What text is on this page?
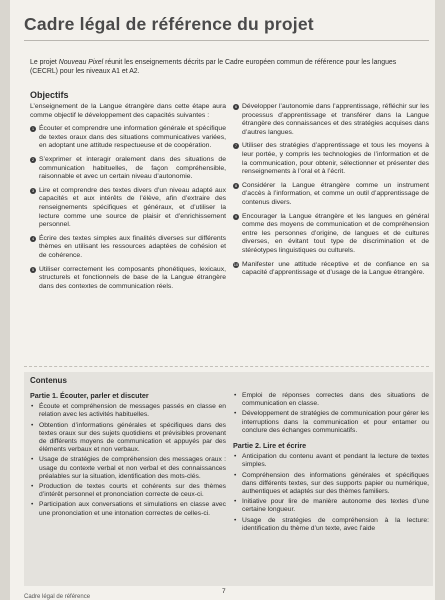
Cadre légal de référence du projet
Le projet Nouveau Pixel réunit les enseignements décrits par le Cadre européen commun de référence pour les langues (CECRL) pour les niveaux A1 et A2.
Objectifs

L’enseignement de la Langue étrangère dans cette étape aura comme objectif le développement des capacités suivantes :

1 Écouter et comprendre une information générale et spécifique de textes oraux dans des situations communicatives variées, en adoptant une attitude respectueuse et de coopération.
2 S’exprimer et interagir oralement dans des situations de communication habituelles, de façon compréhensible, raisonnable et avec un certain niveau d’autonomie.
3 Lire et comprendre des textes divers d’un niveau adapté aux capacités et aux intérêts de l’élève, afin d’extraire des renseignements spécifiques et généraux, et d’utiliser la lecture comme une source de plaisir et d’enrichissement personnel.
4 Écrire des textes simples aux finalités diverses sur différents thèmes en utilisant les ressources adaptées de cohésion et de cohérence.
5 Utiliser correctement les composants phonétiques, lexicaux, structurels et fonctionnels de base de la Langue étrangère dans des contextes de communication réels.
6 Développer l’autonomie dans l’apprentissage, réfléchir sur les processus d’apprentissage et transférer dans la Langue étrangère des connaissances et des stratégies acquises dans d’autres langues.
7 Utiliser des stratégies d’apprentissage et tous les moyens à leur portée, y compris les technologies de l’information et de la communication, pour obtenir, sélectionner et présenter des renseignements à l’oral et à l’écrit.
8 Considérer la Langue étrangère comme un instrument d’accès à l’information, et comme un outil d’apprentissage de contenus divers.
9 Encourager la Langue étrangère et les langues en général comme des moyens de communication et de compréhension entre les personnes d’origine, de langues et de cultures diverses, en évitant tout type de discrimination et de stéréotypes linguistiques ou culturels.
10 Manifester une attitude réceptive et de confiance en sa capacité d’apprentissage et d’usage de la Langue étrangère.
Contenus
Partie 1. Écouter, parler et discuter
• Écoute et compréhension de messages passés en classe en relation avec les activités habituelles.
• Obtention d’informations générales et spécifiques dans des textes oraux sur des sujets quotidiens et prévisibles provenant de différents moyens de communication et appuyés par des éléments verbaux et non verbaux.
• Usage de stratégies de compréhension des messages oraux : usage du contexte verbal et non verbal et des connaissances préalables sur la situation, identification des mots-clés.
• Production de textes courts et cohérents sur des thèmes d’intérêt personnel et prononciation correcte de ceux-ci.
• Participation aux conversations et simulations en classe avec une prononciation et une intonation correctes de celles-ci.
• Emploi de réponses correctes dans des situations de communication en classe.
• Développement de stratégies de communication pour gérer les interruptions dans la communication et pour entamer ou conclure des échanges communicatifs.
Partie 2. Lire et écrire
• Anticipation du contenu avant et pendant la lecture de textes simples.
• Compréhension des informations générales et spécifiques dans différents textes, sur des supports papier ou numérique, authentiques et adaptés sur des thèmes familiers.
• Initiative pour lire de manière autonome des textes d’une certaine longueur.
• Usage de stratégies de compréhension à la lecture: identification du thème d’un texte, avec l’aide
7
Cadre légal de référence
